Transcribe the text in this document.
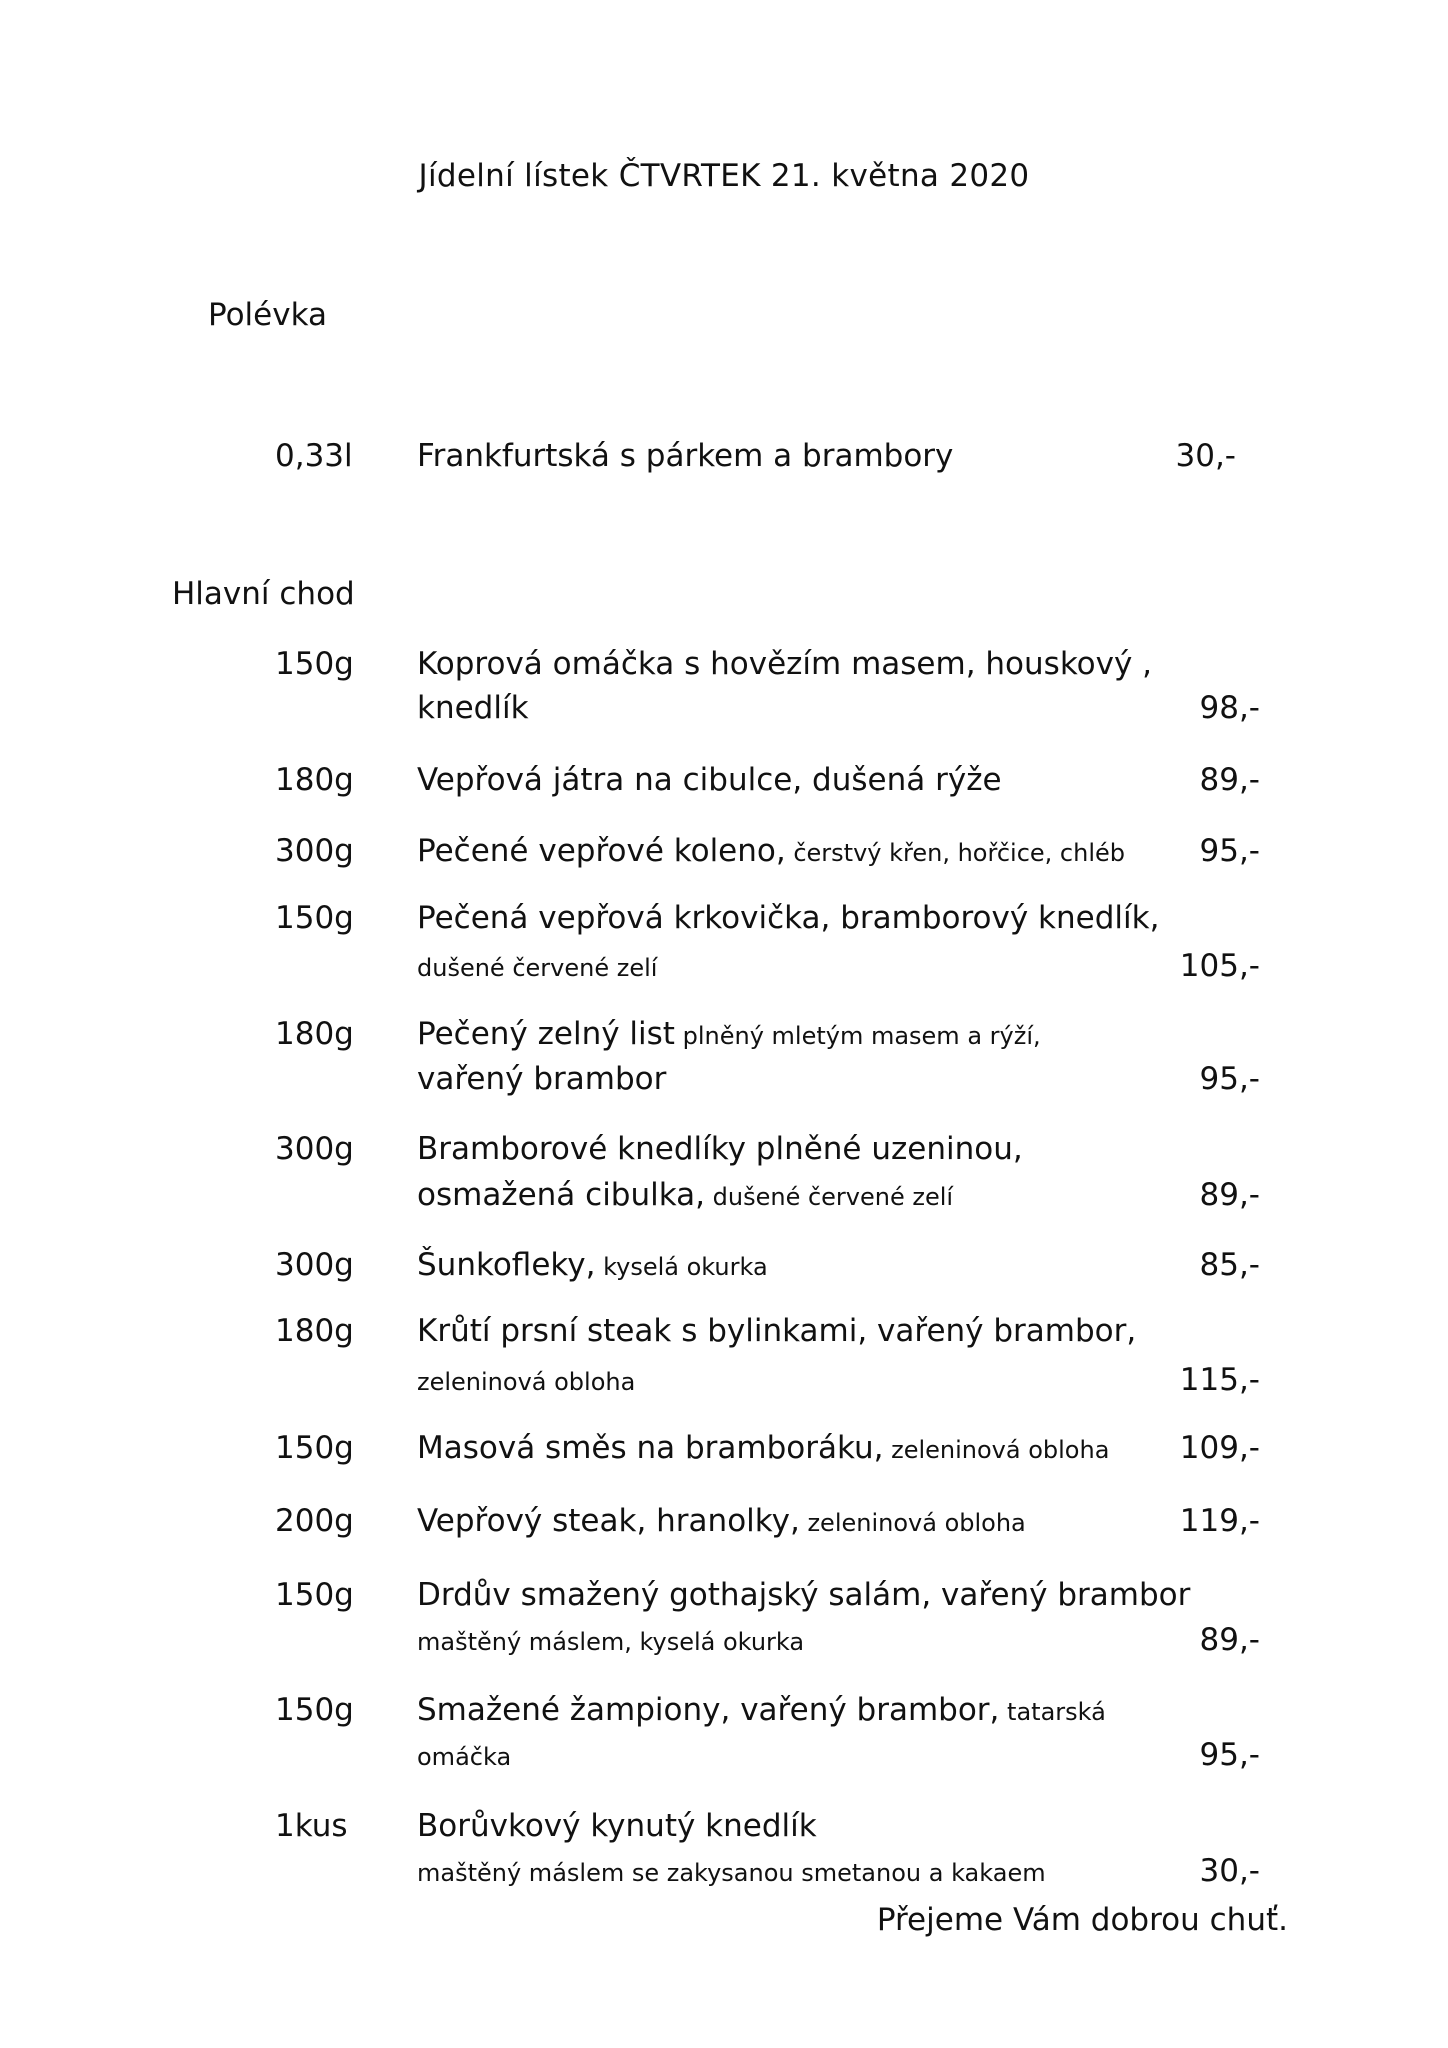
Jídelní lístek ČTVRTEK 21. května 2020
Polévka
0,33l Frankfurtská s párkem a brambory	30,-
Hlavní chod
150g Koprová omáčka s hovězím masem, houskový ,
knedlík	98,-
180g Vepřová játra na cibulce, dušená rýže	89,-
300g Pečené vepřové koleno, čerstvý křen, hořčice, chléb 95,-
150g Pečená vepřová krkovička, bramborový knedlík,
dušené červené zelí	105,-
180g Pečený zelný list plněný mletým masem a rýží,
vařený brambor	95,-
300g Bramborové knedlíky plněné uzeninou,
osmažená cibulka, dušené červené zelí	89,-
300g Šunkofleky, kyselá okurka	85,-
180g Krůtí prsní steak s bylinkami, vařený brambor,
zeleninová obloha	115,-
150g Masová směs na bramboráku, zeleninová obloha 109,-
200g Vepřový steak, hranolky, zeleninová obloha	119,-
150g Drdův smažený gothajský salám, vařený brambor
maštěný máslem, kyselá okurka	89,-
150g Smažené žampiony, vařený brambor, tatarská
omáčka	95,-
1kus Borůvkový kynutý knedlík
maštěný máslem se zakysanou smetanou a kakaem	30,-
Přejeme Vám dobrou chuť.
